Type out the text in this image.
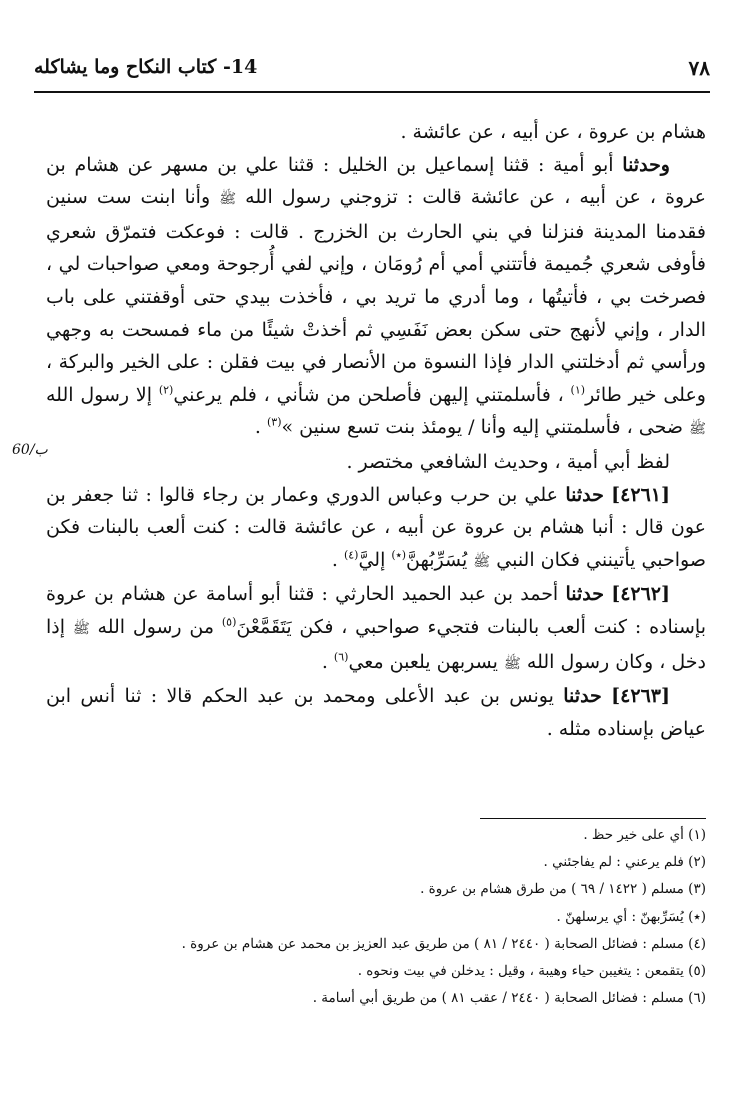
٧٨
14- كتاب النكاح وما يشاكله
60/ب

هشام بن عروة ، عن أبيه ، عن عائشة .

وحدثنا أبو أمية : قثنا إسماعيل بن الخليل : قثنا علي بن مسهر عن هشام بن عروة ، عن أبيه ، عن عائشة قالت : تزوجني رسول الله ﷺ وأنا ابنت ست سنين فقدمنا المدينة فنزلنا في بني الحارث بن الخزرج . قالت : فوعكت فتمرّق شعري فأوفى شعري جُميمة فأتتني أمي أم رُومَان ، وإني لفي أُرجوحة ومعي صواحبات لي ، فصرخت بي ، فأتيتُها ، وما أدري ما تريد بي ، فأخذت بيدي حتى أوقفتني على باب الدار ، وإني لأنهج حتى سكن بعض نَفَسِي ثم أخذتْ شيئًا من ماء فمسحت به وجهي ورأسي ثم أدخلتني الدار فإذا النسوة من الأنصار في بيت فقلن : على الخير والبركة ، وعلى خير طائر$^{(١)}$ ، فأسلمتني إليهن فأصلحن من شأني ، فلم يرعني$^{(٢)}$ إلا رسول الله ﷺ ضحى ، فأسلمتني إليه وأنا / يومئذ بنت تسع سنين »$^{(٣)}$ .

لفظ أبي أمية ، وحديث الشافعي مختصر .

[٤٢٦١] حدثنا علي بن حرب وعباس الدوري وعمار بن رجاء قالوا : ثنا جعفر بن عون قال : أنبا هشام بن عروة عن أبيه ، عن عائشة قالت : كنت ألعب بالبنات فكن صواحبي يأتينني فكان النبي ﷺ يُسَرِّبُهنَّ(٭) إليَّ$^{(٤)}$ .

[٤٢٦٢] حدثنا أحمد بن عبد الحميد الحارثي : قثنا أبو أسامة عن هشام بن عروة بإسناده : كنت ألعب بالبنات فتجيء صواحبي ، فكن يَتَقَمَّعْنَ$^{(٥)}$ من رسول الله ﷺ إذا دخل ، وكان رسول الله ﷺ يسربهن يلعبن معي$^{(٦)}$ .

[٤٢٦٣] حدثنا يونس بن عبد الأعلى ومحمد بن عبد الحكم قالا : ثنا أنس ابن عياض بإسناده مثله .

(١) أي على خير حظ .

(٢) فلم يرعني : لم يفاجئني .

(٣) مسلم ( ١٤٢٢ / ٦٩ ) من طرق هشام بن عروة .

(٭) يُسَرِّبهنّ : أي يرسلهنّ .

(٤) مسلم : فضائل الصحابة ( ٢٤٤٠ / ٨١ ) من طريق عبد العزيز بن محمد عن هشام بن عروة .

(٥) يتقمعن : يتغيبن حياء وهيبة ، وقيل : يدخلن في بيت ونحوه .

(٦) مسلم : فضائل الصحابة ( ٢٤٤٠ / عقب ٨١ ) من طريق أبي أسامة .
